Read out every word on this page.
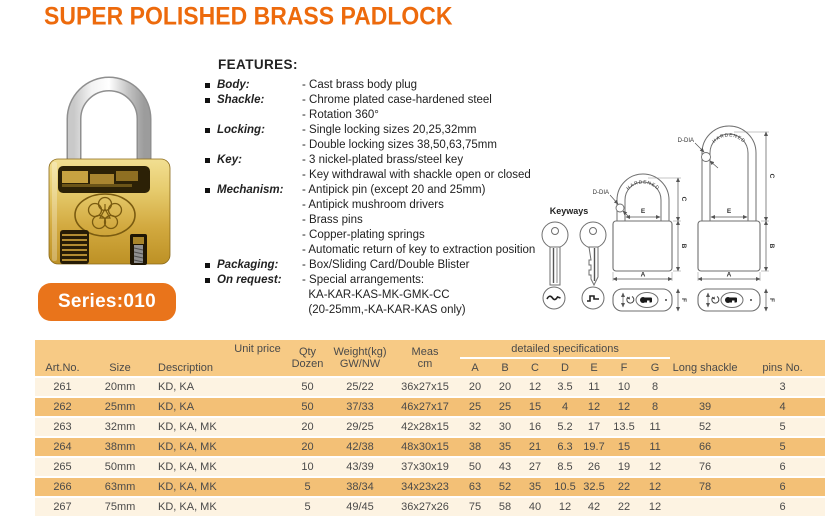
SUPER POLISHED BRASS PADLOCK
Series:010
FEATURES:
Body:	- Cast brass body plug
Shackle:	- Chrome plated case-hardened steel
- Rotation 360°
Locking:	- Single locking sizes 20,25,32mm
- Double locking sizes 38,50,63,75mm
Key:	- 3 nickel-plated brass/steel key
- Key withdrawal with shackle open or closed
Mechanism: - Antipick pin (except 20 and 25mm)
- Antipick mushroom drivers
- Brass pins
- Copper-plating springs
- Automatic return of key to extraction position
Packaging: - Box/Sliding Card/Double Blister
On request: - Special arrangements:
KA-KAR-KAS-MK-GMK-CC
(20-25mm,-KA-KAR-KAS only)
Keyways
HARDENED
D-DIA
E
C
B
A
F
HARDENED
D-DIA
E
C
B
A
F
Art.No.	Size	Description	Unit price	Qty
Dozen	Weight(kg)
GW/NW	Meas
cm	detailed specifications							Long shackle	pins No.
							A	B	C	D	E	F	G		
261	20mm	KD, KA		50	25/22	36x27x15	20	20	12	3.5	11	10	8		3
262	25mm	KD, KA		50	37/33	46x27x17	25	25	15	4	12	12	8	39	4
263	32mm	KD, KA, MK		20	29/25	42x28x15	32	30	16	5.2	17	13.5	11	52	5
264	38mm	KD, KA, MK		20	42/38	48x30x15	38	35	21	6.3	19.7	15	11	66	5
265	50mm	KD, KA, MK		10	43/39	37x30x19	50	43	27	8.5	26	19	12	76	6
266	63mm	KD, KA, MK		5	38/34	34x23x23	63	52	35	10.5	32.5	22	12	78	6
267	75mm	KD, KA, MK		5	49/45	36x27x26	75	58	40	12	42	22	12		6
